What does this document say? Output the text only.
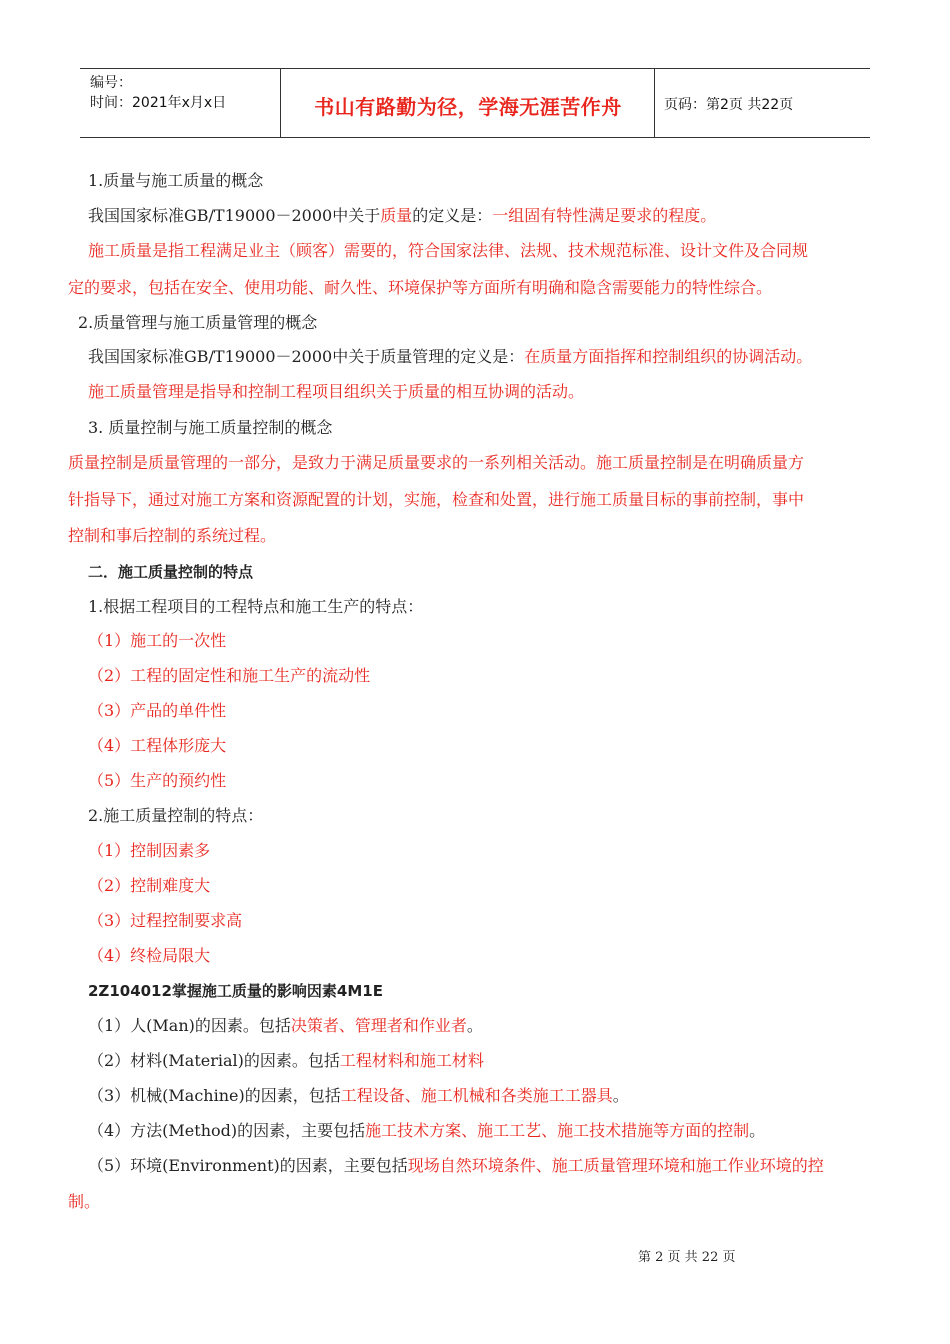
编号：
时间：2021年x月x日	书山有路勤为径，学海无涯苦作舟	页码：第2页 共22页
1.质量与施工质量的概念
我国国家标准GB/T19000－2000中关于质量的定义是：一组固有特性满足要求的程度。
施工质量是指工程满足业主（顾客）需要的，符合国家法律、法规、技术规范标准、设计文件及合同规
定的要求，包括在安全、使用功能、耐久性、环境保护等方面所有明确和隐含需要能力的特性综合。
2.质量管理与施工质量管理的概念
我国国家标准GB/T19000－2000中关于质量管理的定义是：在质量方面指挥和控制组织的协调活动。
施工质量管理是指导和控制工程项目组织关于质量的相互协调的活动。
3. 质量控制与施工质量控制的概念
质量控制是质量管理的一部分，是致力于满足质量要求的一系列相关活动。施工质量控制是在明确质量方
针指导下，通过对施工方案和资源配置的计划，实施，检查和处置，进行施工质量目标的事前控制，事中
控制和事后控制的系统过程。
二．施工质量控制的特点
1.根据工程项目的工程特点和施工生产的特点：
（1）施工的一次性
（2）工程的固定性和施工生产的流动性
（3）产品的单件性
（4）工程体形庞大
（5）生产的预约性
2.施工质量控制的特点：
（1）控制因素多
（2）控制难度大
（3）过程控制要求高
（4）终检局限大
2Z104012掌握施工质量的影响因素4M1E
（1）人(Man)的因素。包括决策者、管理者和作业者。
（2）材料(Material)的因素。包括工程材料和施工材料
（3）机械(Machine)的因素，包括工程设备、施工机械和各类施工工器具。
（4）方法(Method)的因素，主要包括施工技术方案、施工工艺、施工技术措施等方面的控制。
（5）环境(Environment)的因素，主要包括现场自然环境条件、施工质量管理环境和施工作业环境的控
制。
第 2 页 共 22 页
